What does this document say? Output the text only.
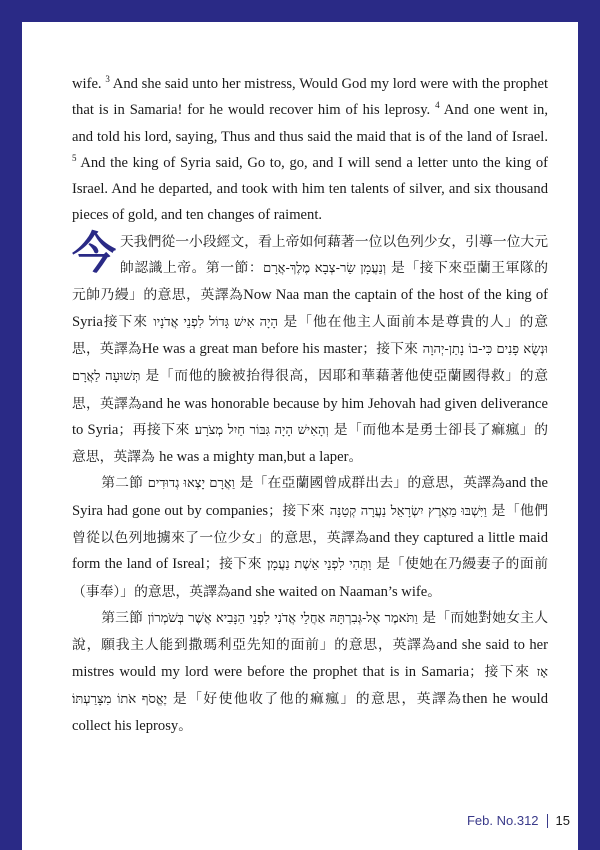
wife. $^3$ And she said unto her mistress, Would God my lord were with the prophet that is in Samaria! for he would recover him of his leprosy. $^4$ And one went in, and told his lord, saying, Thus and thus said the maid that is of the land of Israel. $^5$ And the king of Syria said, Go to, go, and I will send a letter unto the king of Israel. And he departed, and took with him ten talents of silver, and six thousand pieces of gold, and ten changes of raiment.

今天我們從一小段經文，看上帝如何藉著一位以色列少女，引導一位大元帥認識上帝。第一節：וְנַעֲמָן שַׂר-צְבָא מֶלֶךְ-אֲרָם 是「接下來亞蘭王軍隊的元帥乃縵」的意思，英譯為Now Naa man the captain of the host of the king of Syria接下來 הָיָה אִישׁ גָּדוֹל לִפְנֵי אֲדֹנָיו 是「他在他主人面前本是尊貴的人」的意思，英譯為He was a great man before his master；接下來 וּנְשֻׂא פָנִים כִּי-בוֹ נָתַן-יְהוָה תְּשׁוּעָה לַאֲרָם 是「而他的臉被抬得很高，因耶和華藉著他使亞蘭國得救」的意思，英譯為and he was honorable because by him Jehovah had given deliverance to Syria；再接下來 וְהָאִישׁ הָיָה גִּבּוֹר חַיִל מְצֹרָע׃ 是「而他本是勇士卻長了痲瘋」的意思，英譯為 he was a mighty man,but a laper。

第二節 וַאֲרָם יָצְאוּ גְדוּדִים 是「在亞蘭國曾成群出去」的意思，英譯為and the Syira had gone out by companies；接下來 וַיִּשְׁבּוּ מֵאֶרֶץ יִשְׂרָאֵל נַעֲרָה קְטַנָּה 是「他們曾從以色列地擄來了一位少女」的意思，英譯為and they captured a little maid form the land of Isreal；接下來 וַתְּהִי לִפְנֵי אֵשֶׁת נַעֲמָן׃ 是「使她在乃縵妻子的面前（事奉）」的意思，英譯為and she waited on Naaman’s wife。

第三節 וַתֹּאמֶר אֶל-גְּבִרְתָּהּ אַחֲלֵי אֲדֹנִי לִפְנֵי הַנָּבִיא אֲשֶׁר בְּשֹׁמְרוֹן 是「而她對她女主人說，願我主人能到撒瑪利亞先知的面前」的意思，英譯為and she said to her mistres would my lord were before the prophet that is in Samaria；接下來 אָז יֶאֱסֹף אֹתוֹ מִצָּרַעְתּוֹ׃ 是「好使他收了他的痲瘋」的意思，英譯為then he would collect his leprosy。

Feb. No.312 15
